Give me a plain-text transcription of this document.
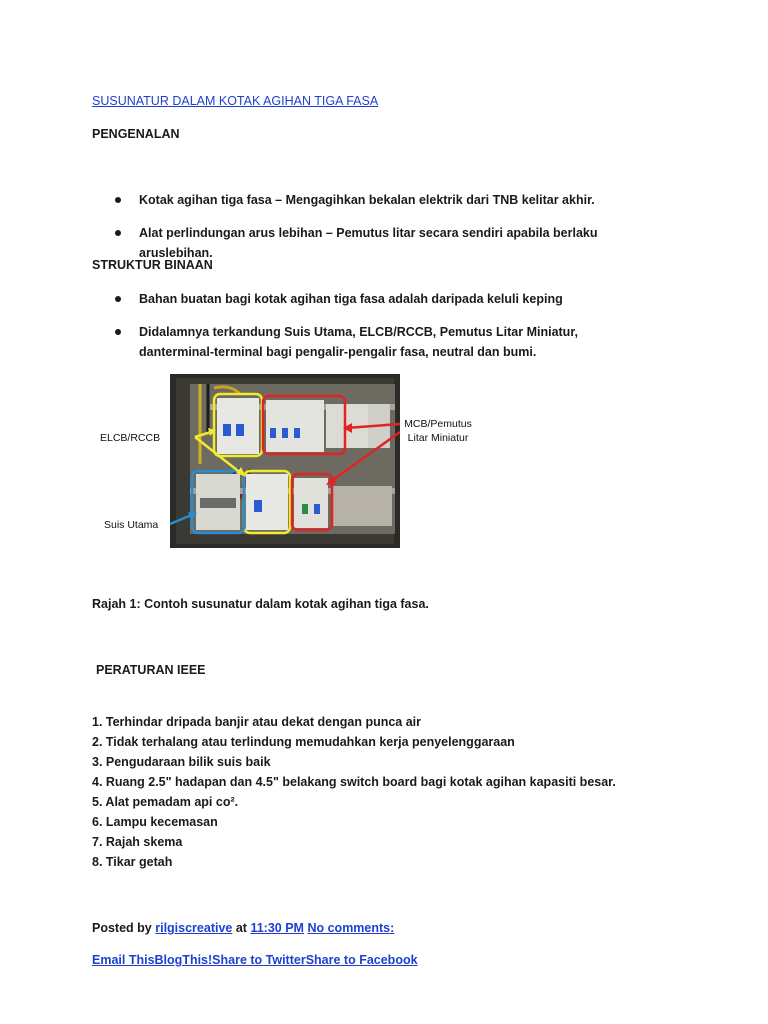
SUSUNATUR DALAM KOTAK AGIHAN TIGA FASA
PENGENALAN
Kotak agihan tiga fasa – Mengagihkan bekalan elektrik dari TNB kelitar akhir.
Alat perlindungan arus lebihan – Pemutus litar secara sendiri apabila berlaku aruslebihan.
STRUKTUR BINAAN
Bahan buatan bagi kotak agihan tiga fasa adalah daripada keluli keping
Didalamnya terkandung Suis Utama, ELCB/RCCB, Pemutus Litar Miniatur, danterminal-terminal bagi pengalir-pengalir fasa, neutral dan bumi.
ELCB/RCCB
MCB/Pemutus
Litar Miniatur
Suis Utama
Rajah 1: Contoh susunatur dalam kotak agihan tiga fasa.
PERATURAN IEEE
1. Terhindar dripada banjir atau dekat dengan punca air
2. Tidak terhalang atau terlindung memudahkan kerja penyelenggaraan
3. Pengudaraan bilik suis baik
4. Ruang 2.5" hadapan dan 4.5" belakang switch board bagi kotak agihan kapasiti besar.
5. Alat pemadam api co².
6. Lampu kecemasan
7. Rajah skema
8. Tikar getah
Posted by rilgiscreative at 11:30 PM No comments:
Email ThisBlogThis!Share to TwitterShare to Facebook
